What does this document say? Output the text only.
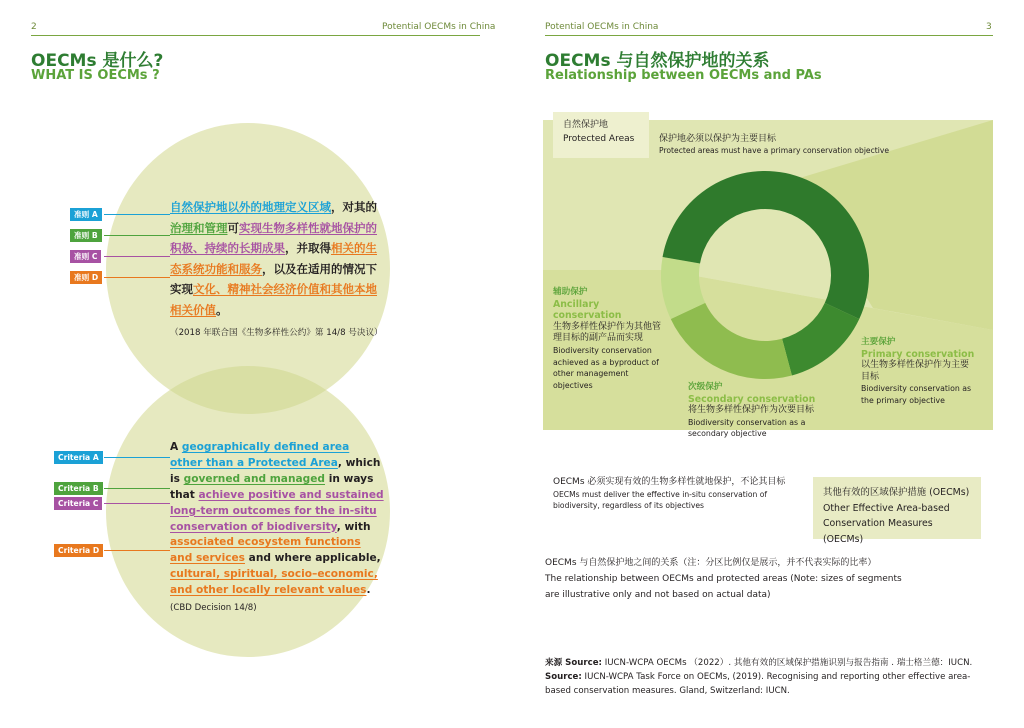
2	Potential OECMs in China	Potential OECMs in China	3
OECMs 是什么?
WHAT IS OECMs ?
准则 A
准则 B
准则 C
准则 D
自然保护地以外的地理定义区域，对其的治理和管理可实现生物多样性就地保护的积极、持续的长期成果，并取得相关的生态系统功能和服务，以及在适用的情况下实现文化、精神社会经济价值和其他本地相关价值。
（2018 年联合国《生物多样性公约》第 14/8 号决议）
Criteria A
Criteria B
Criteria C
Criteria D
A geographically defined area other than a Protected Area, which is governed and managed in ways that achieve positive and sustained long-term outcomes for the in-situ conservation of biodiversity, with associated ecosystem functions and services and where applicable, cultural, spiritual, socio–economic, and other locally relevant values.
(CBD Decision 14/8)
OECMs 与自然保护地的关系
Relationship between OECMs and PAs
自然保护地
Protected Areas	保护地必须以保护为主要目标
Protected areas must have a primary conservation objective
辅助保护
Ancillary conservation
生物多样性保护作为其他管理目标的副产品而实现
Biodiversity conservation achieved as a byproduct of other management objectives
主要保护
Primary conservation
以生物多样性保护作为主要目标
Biodiversity conservation as the primary objective
次级保护
Secondary conservation
将生物多样性保护作为次要目标
Biodiversity conservation as a secondary objective
OECMs 必须实现有效的生物多样性就地保护，不论其目标
OECMs must deliver the effective in-situ conservation of biodiversity, regardless of its objectives
其他有效的区域保护措施 (OECMs)
Other Effective Area-based Conservation Measures (OECMs)
OECMs 与自然保护地之间的关系（注：分区比例仅是展示，并不代表实际的比率）
The relationship between OECMs and protected areas (Note: sizes of segments are illustrative only and not based on actual data)
来源 Source: IUCN-WCPA OECMs （2022）. 其他有效的区域保护措施识别与报告指南 . 瑞士格兰德：IUCN.
Source: IUCN-WCPA Task Force on OECMs, (2019). Recognising and reporting other effective area-based conservation measures. Gland, Switzerland: IUCN.
